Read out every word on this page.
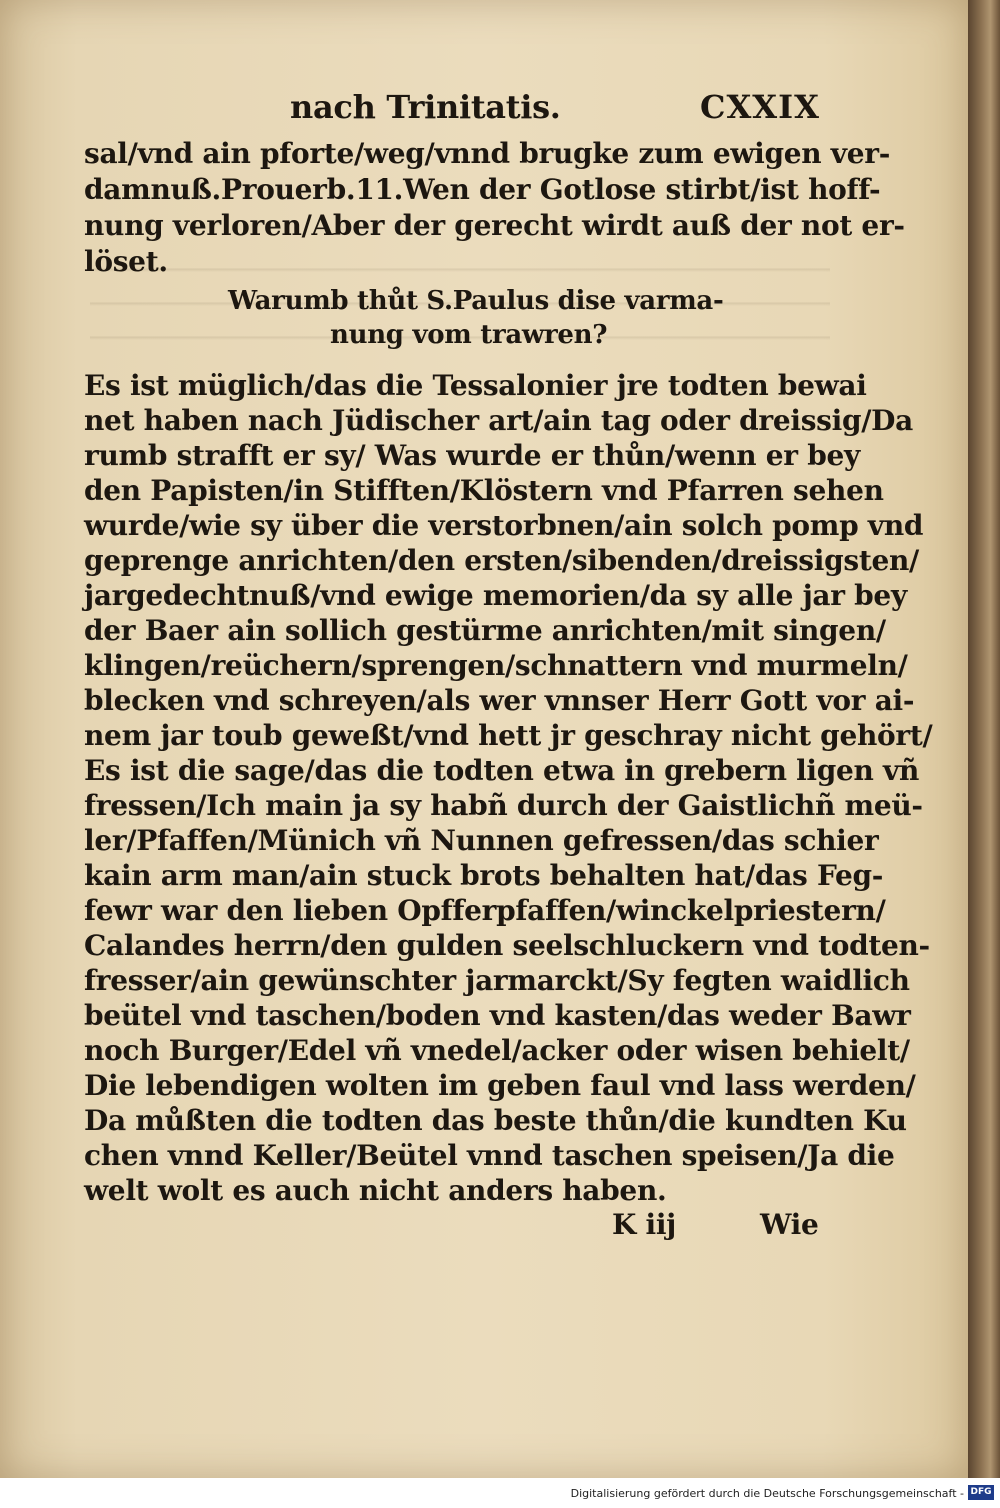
nach Trinitatis.	CXXIX
sal/vnd ain pforte/weg/vnnd brugke zum ewigen ver-
damnuß.Prouerb.11.Wen der Gotlose stirbt/ist hoff-
nung verloren/Aber der gerecht wirdt auß der not er-
löset.
Warumb thůt S.Paulus dise varma-
nung vom trawren?
Es ist müglich/das die Tessalonier jre todten bewai
net haben nach Jüdischer art/ain tag oder dreissig/Da
rumb strafft er sy/ Was wurde er thůn/wenn er bey
den Papisten/in Stifften/Klöstern vnd Pfarren sehen
wurde/wie sy über die verstorbnen/ain solch pomp vnd
geprenge anrichten/den ersten/sibenden/dreissigsten/
jargedechtnuß/vnd ewige memorien/da sy alle jar bey
der Baer ain sollich gestürme anrichten/mit singen/
klingen/reüchern/sprengen/schnattern vnd murmeln/
blecken vnd schreyen/als wer vnnser Herr Gott vor ai-
nem jar toub geweßt/vnd hett jr geschray nicht gehört/
Es ist die sage/das die todten etwa in grebern ligen vñ
fressen/Ich main ja sy habñ durch der Gaistlichñ meü-
ler/Pfaffen/Münich vñ Nunnen gefressen/das schier
kain arm man/ain stuck brots behalten hat/das Feg-
fewr war den lieben Opfferpfaffen/winckelpriestern/
Calandes herrn/den gulden seelschluckern vnd todten-
fresser/ain gewünschter jarmarckt/Sy fegten waidlich
beütel vnd taschen/boden vnd kasten/das weder Bawr
noch Burger/Edel vñ vnedel/acker oder wisen behielt/
Die lebendigen wolten im geben faul vnd lass werden/
Da můßten die todten das beste thůn/die kundten Ku
chen vnnd Keller/Beütel vnnd taschen speisen/Ja die
K iij	Wie
welt wolt es auch nicht anders haben.
Digitalisierung gefördert durch die Deutsche Forschungsgemeinschaft - DFG
